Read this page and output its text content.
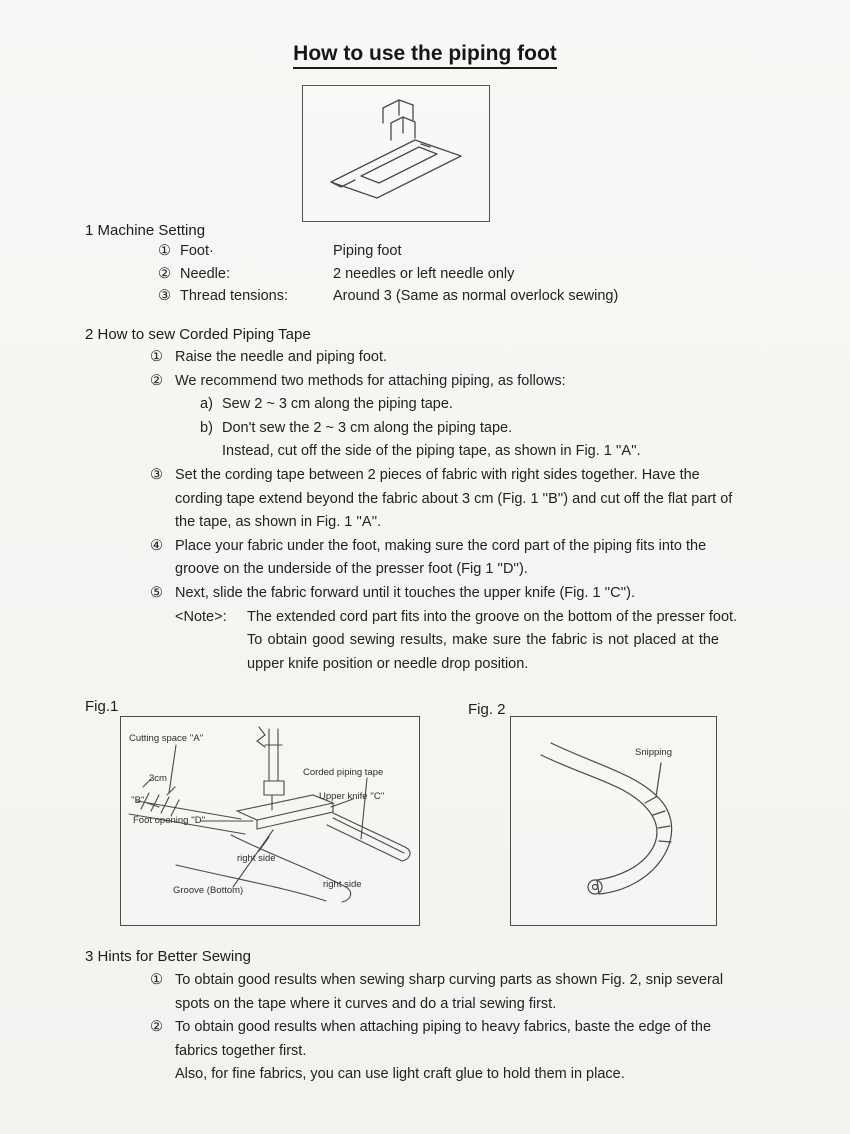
How to use the piping foot
1 Machine Setting
① Foot·	Piping foot
② Needle:	2 needles or left needle only
③ Thread tensions:	Around 3 (Same as normal overlock sewing)
2 How to sew Corded Piping Tape
① Raise the needle and piping foot.
② We recommend two methods for attaching piping, as follows:
a) Sew 2 ~ 3 cm along the piping tape.
b) Don't sew the 2 ~ 3 cm along the piping tape.
Instead, cut off the side of the piping tape, as shown in Fig. 1 ''A''.
③ Set the cording tape between 2 pieces of fabric with right sides together. Have the cording tape extend beyond the fabric about 3 cm (Fig. 1 ''B'') and cut off the flat part of the tape, as shown in Fig. 1 ''A''.
④ Place your fabric under the foot, making sure the cord part of the piping fits into the groove on the underside of the presser foot (Fig 1 ''D'').
⑤ Next, slide the fabric forward until it touches the upper knife (Fig. 1 ''C'').
<Note>:	The extended cord part fits into the groove on the bottom of the presser foot.
To obtain good sewing results, make sure the fabric is not placed at the upper knife position or needle drop position.
Fig.1	Fig. 2
Cutting space ''A''
3cm
''B''
Corded piping tape
Upper knife ''C''
Foot opening ''D''
right side
Groove (Bottom)
right side
Snipping
3 Hints for Better Sewing
① To obtain good results when sewing sharp curving parts as shown Fig. 2, snip several spots on the tape where it curves and do a trial sewing first.
② To obtain good results when attaching piping to heavy fabrics, baste the edge of the fabrics together first.
Also, for fine fabrics, you can use light craft glue to hold them in place.
